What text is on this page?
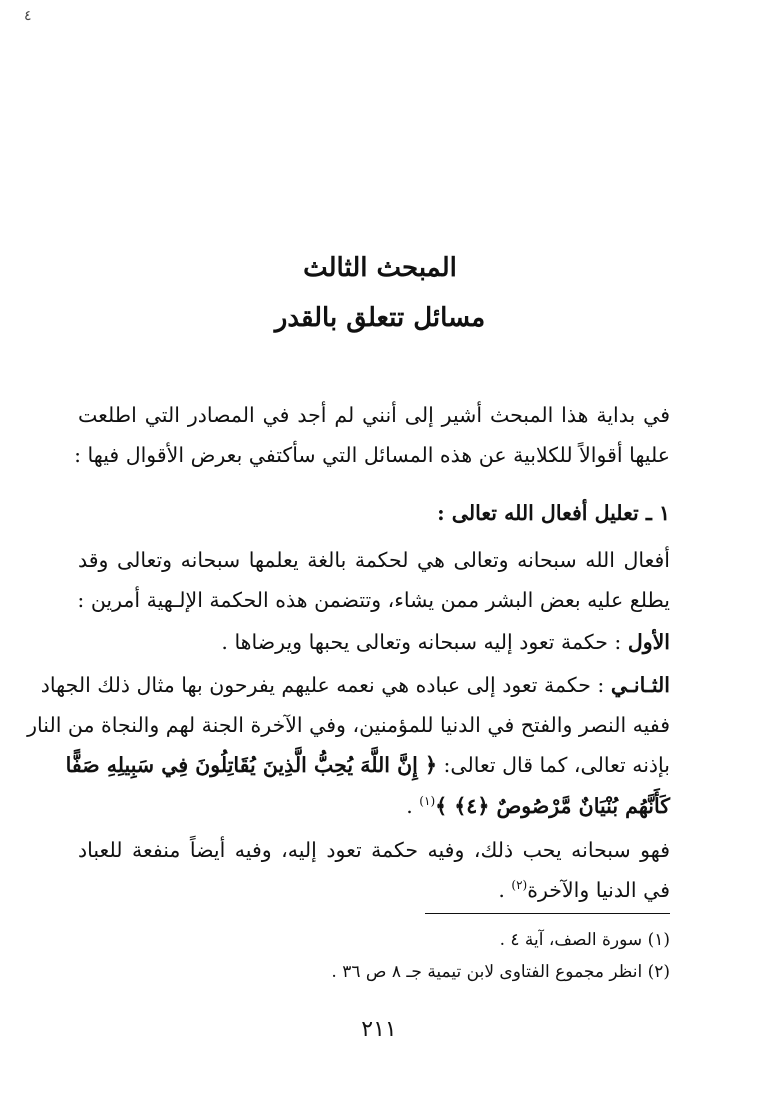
٤
المبحث الثالث
مسائل تتعلق بالقدر

في بداية هذا المبحث أشير إلى أنني لم أجد في المصادر التي اطلعت

عليها أقوالاً للكلابية عن هذه المسائل التي سأكتفي بعرض الأقوال فيها :

١ ـ تعليل أفعال الله تعالى :

أفعال الله سبحانه وتعالى هي لحكمة بالغة يعلمها سبحانه وتعالى وقد

يطلع عليه بعض البشر ممن يشاء، وتتضمن هذه الحكمة الإلـهية أمرين :

الأول : حكمة تعود إليه سبحانه وتعالى يحبها ويرضاها .

الثـانـي : حكمة تعود إلى عباده هي نعمه عليهم يفرحون بها مثال ذلك الجهاد

ففيه النصر والفتح في الدنيا للمؤمنين، وفي الآخرة الجنة لهم والنجاة من النار

بإذنه تعالى، كما قال تعالى: ﴿ إِنَّ اللَّهَ يُحِبُّ الَّذِينَ يُقَاتِلُونَ فِي سَبِيلِهِ صَفًّا

كَأَنَّهُم بُنْيَانٌ مَّرْصُوصٌ ﴿٤﴾ ﴾$^{(١)}$ .

فهو سبحانه يحب ذلك، وفيه حكمة تعود إليه، وفيه أيضاً منفعة للعباد

في الدنيا والآخرة$^{(٢)}$ .

(١) سورة الصف، آية ٤ .

(٢) انظر مجموع الفتاوى لابن تيمية جـ ٨ ص ٣٦ .

٢١١
